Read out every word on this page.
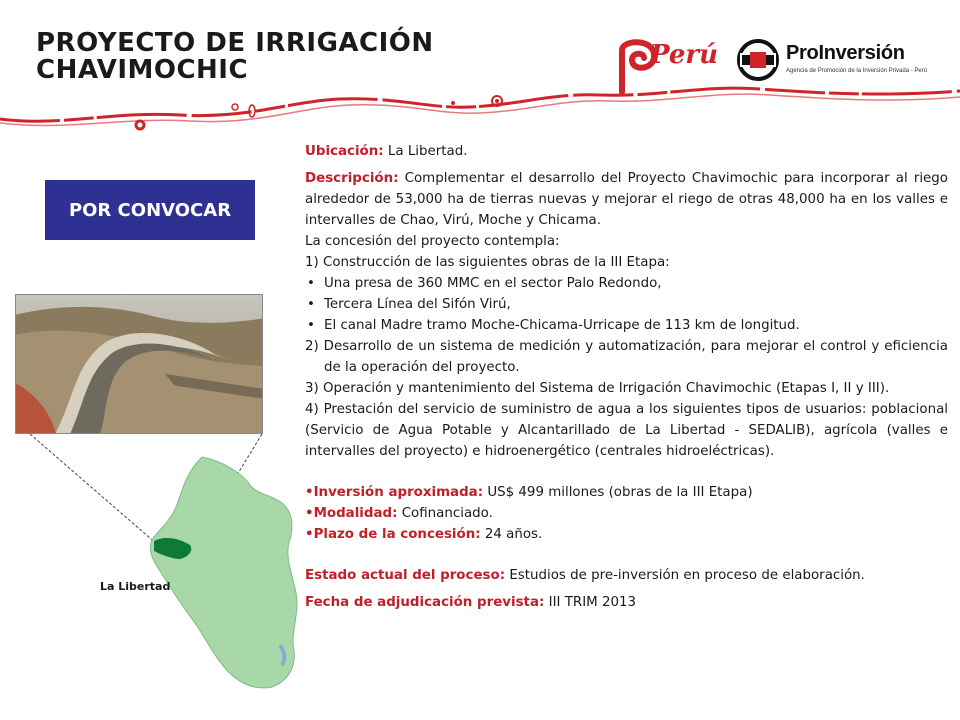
PROYECTO DE IRRIGACIÓN
CHAVIMOCHIC	Perú	ProInversión
Agencia de Promoción de la Inversión Privada - Perú
POR CONVOCAR
La Libertad

Ubicación: La Libertad.

Descripción: Complementar el desarrollo del Proyecto Chavimochic para incorporar al riego alrededor de 53,000 ha de tierras nuevas y mejorar el riego de otras 48,000 ha en los valles e intervalles de Chao, Virú, Moche y Chicama.

La concesión del proyecto contempla:

1) Construcción de las siguientes obras de la III Etapa:

• Una presa de 360 MMC en el sector Palo Redondo,

• Tercera Línea del Sifón Virú,

• El canal Madre tramo Moche-Chicama-Urricape de 113 km de longitud.

2) Desarrollo de un sistema de medición y automatización, para mejorar el control y eficiencia de la operación del proyecto.

3) Operación y mantenimiento del Sistema de Irrigación Chavimochic (Etapas I, II y III).

4) Prestación del servicio de suministro de agua a los siguientes tipos de usuarios: poblacional (Servicio de Agua Potable y Alcantarillado de La Libertad - SEDALIB), agrícola (valles e intervalles del proyecto) e hidroenergético (centrales hidroeléctricas).

• Inversión aproximada: US$ 499 millones (obras de la III Etapa)

• Modalidad: Cofinanciado.

• Plazo de la concesión: 24 años.

Estado actual del proceso: Estudios de pre-inversión en proceso de elaboración.

Fecha de adjudicación prevista: III TRIM 2013
